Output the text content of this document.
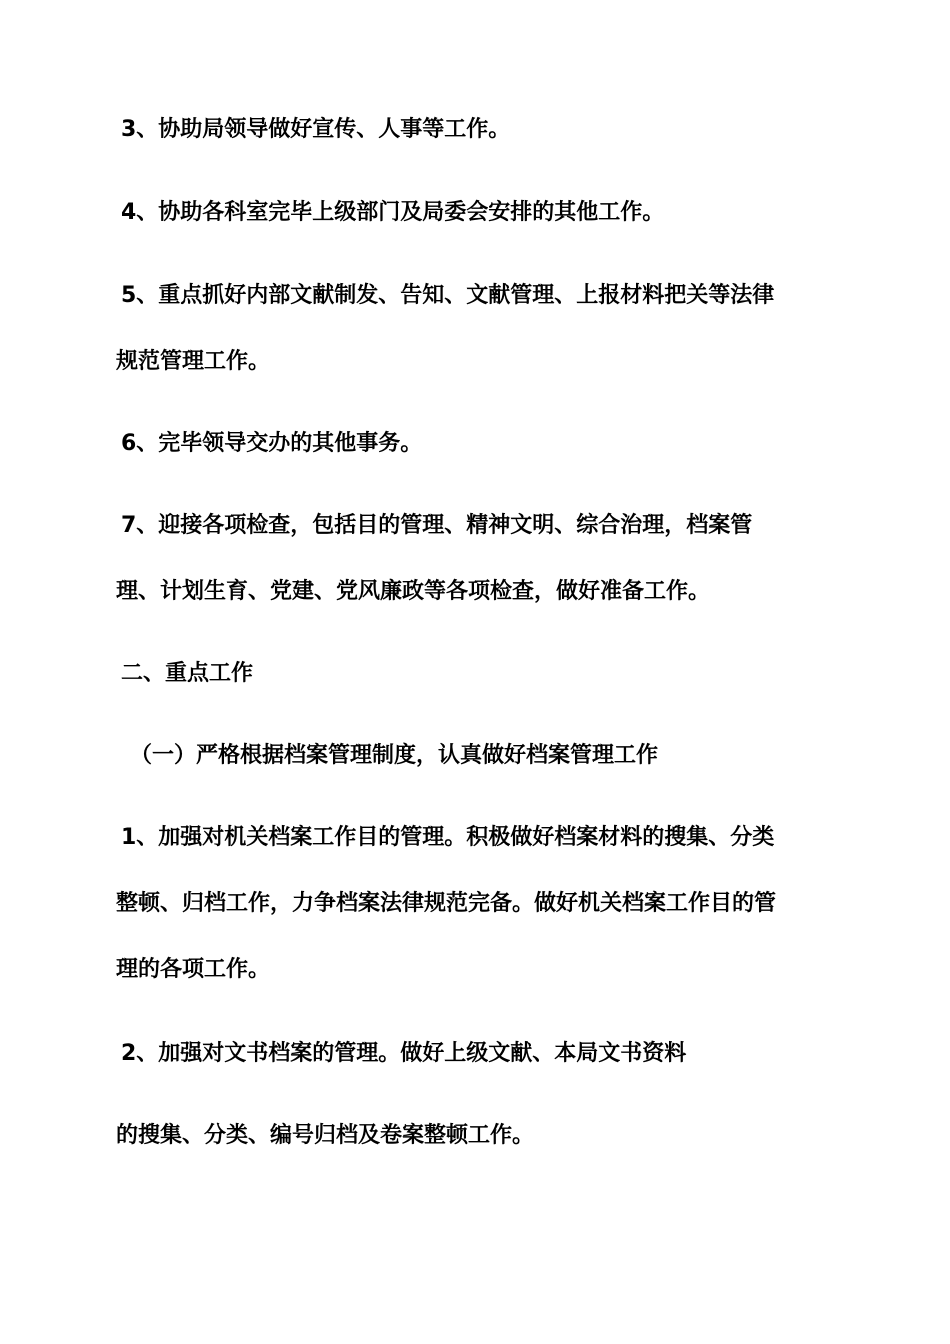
3、协助局领导做好宣传、人事等工作。
4、协助各科室完毕上级部门及局委会安排的其他工作。
5、重点抓好内部文献制发、告知、文献管理、上报材料把关等法律
规范管理工作。
6、完毕领导交办的其他事务。
7、迎接各项检查，包括目的管理、精神文明、综合治理，档案管
理、计划生育、党建、党风廉政等各项检查，做好准备工作。
二、重点工作
（一）严格根据档案管理制度，认真做好档案管理工作
1、加强对机关档案工作目的管理。积极做好档案材料的搜集、分类
整顿、归档工作，力争档案法律规范完备。做好机关档案工作目的管
理的各项工作。
2、加强对文书档案的管理。做好上级文献、本局文书资料
的搜集、分类、编号归档及卷案整顿工作。
